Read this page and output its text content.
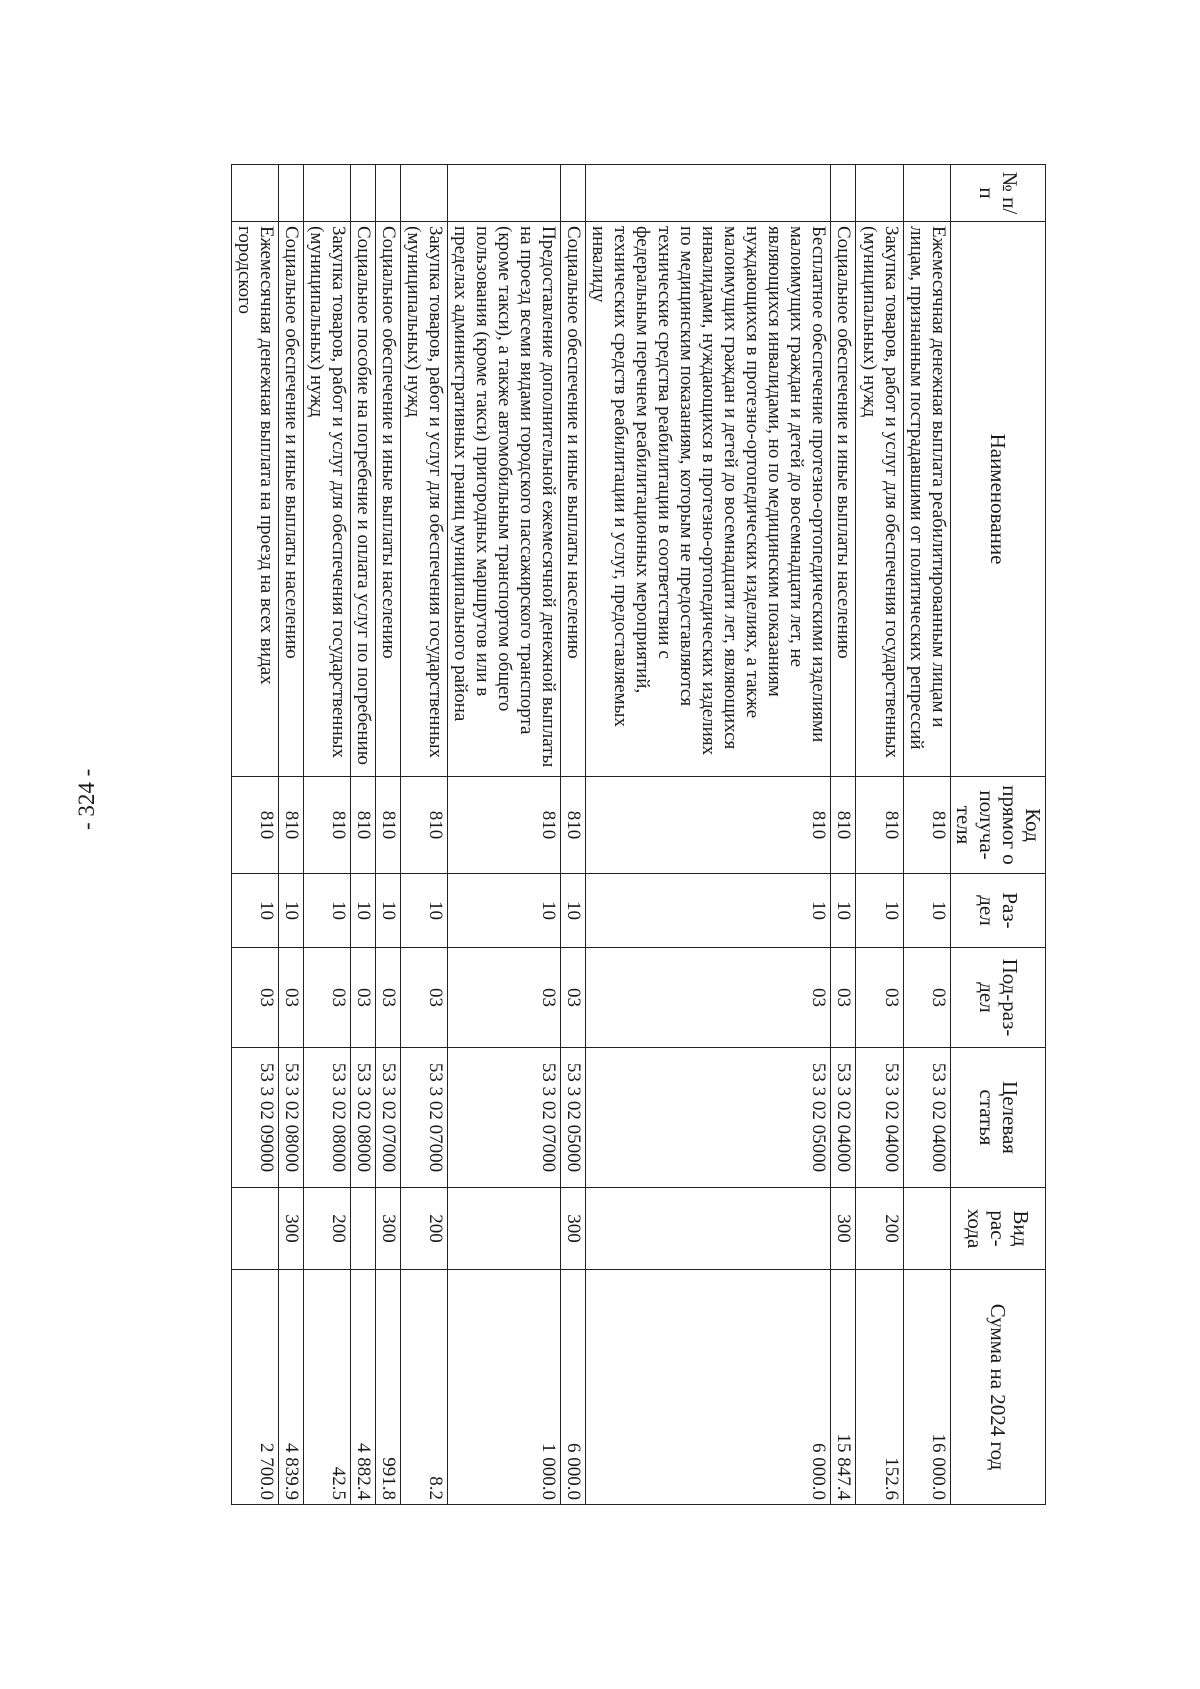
- 324 -
№ п/п	Наименование	Код прямог о получа-теля	Раз-дел	Под-раз-дел	Целевая статья	Вид рас-хода	Сумма на 2024 год
	Ежемесячная денежная выплата реабилитированным лицам и лицам, признанным пострадавшими от политических репрессий	810	10	03	53 3 02 04000		16 000.0
	Закупка товаров, работ и услуг для обеспечения государственных (муниципальных) нужд	810	10	03	53 3 02 04000	200	152.6
	Социальное обеспечение и иные выплаты населению	810	10	03	53 3 02 04000	300	15 847.4
	Бесплатное обеспечение протезно-ортопедическими изделиями малоимущих граждан и детей до восемнадцати лет, не являющихся инвалидами, но по медицинским показаниям нуждающихся в протезно-ортопедических изделиях, а также малоимущих граждан и детей до восемнадцати лет, являющихся инвалидами, нуждающихся в протезно-ортопедических изделиях по медицинским показаниям, которым не предоставляются технические средства реабилитации в соответствии с федеральным перечнем реабилитационных мероприятий, технических средств реабилитации и услуг, предоставляемых инвалиду	810	10	03	53 3 02 05000		6 000.0
	Социальное обеспечение и иные выплаты населению	810	10	03	53 3 02 05000	300	6 000.0
	Предоставление дополнительной ежемесячной денежной выплаты на проезд всеми видами городского пассажирского транспорта (кроме такси), а также автомобильным транспортом общего пользования (кроме такси) пригородных маршрутов или в пределах административных границ муниципального района	810	10	03	53 3 02 07000		1 000.0
	Закупка товаров, работ и услуг для обеспечения государственных (муниципальных) нужд	810	10	03	53 3 02 07000	200	8.2
	Социальное обеспечение и иные выплаты населению	810	10	03	53 3 02 07000	300	991.8
	Социальное пособие на погребение и оплата услуг по погребению	810	10	03	53 3 02 08000		4 882.4
	Закупка товаров, работ и услуг для обеспечения государственных (муниципальных) нужд	810	10	03	53 3 02 08000	200	42.5
	Социальное обеспечение и иные выплаты населению	810	10	03	53 3 02 08000	300	4 839.9
	Ежемесячная денежная выплата на проезд на всех видах городского	810	10	03	53 3 02 09000		2 700.0
